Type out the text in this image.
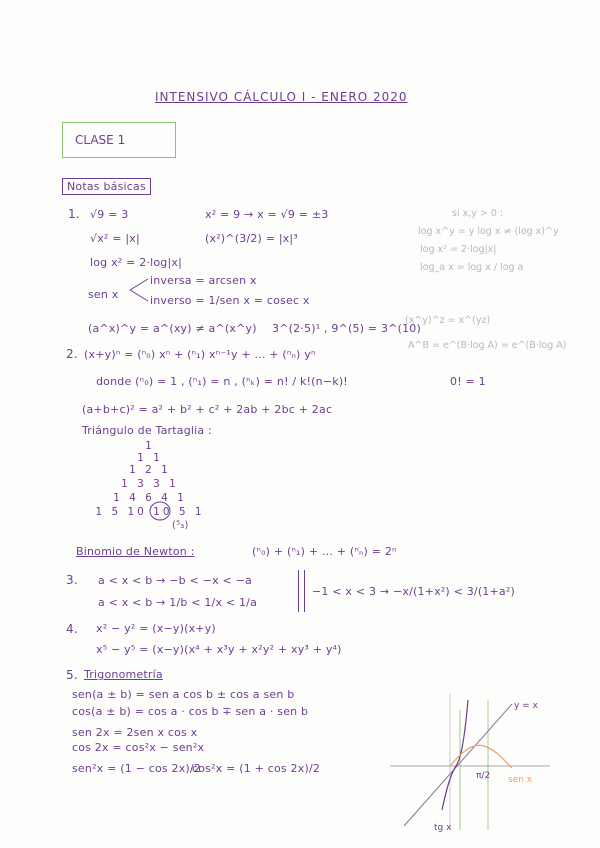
INTENSIVO CÁLCULO I - ENERO 2020
CLASE 1
Notas básicas
1. √9 = 3	x² = 9 → x = √9 = ±3
√x² = |x|	(x²)^(3/2) = |x|³
log x² = 2·log|x|
sen x
inversa = arcsen x
inverso = 1/sen x = cosec x
(a^x)^y = a^(xy) ≠ a^(x^y) 3^(2·5)¹ , 9^(5) = 3^(10)
si x,y > 0 :
log x^y = y log x ≠ (log x)^y
log x² = 2·log|x|
log_a x = log x / log a
(x^y)^z = x^(yz)
A^B = e^(B·log A) = e^(B·log A)
2. (x+y)ⁿ = (ⁿ₀) xⁿ + (ⁿ₁) xⁿ⁻¹y + ... + (ⁿₙ) yⁿ
donde (ⁿ₀) = 1 , (ⁿ₁) = n , (ⁿₖ) = n! / k!(n−k)!	0! = 1
(a+b+c)² = a² + b² + c² + 2ab + 2bc + 2ac
Triángulo de Tartaglia :
1
1 1
1 2 1
1 3 3 1
1 4 6 4 1
1 5 10 10 5 1
(⁵₃)
Binomio de Newton :	(ⁿ₀) + (ⁿ₁) + ... + (ⁿₙ) = 2ⁿ
3. a < x < b → −b < −x < −a
a < x < b → 1/b < 1/x < 1/a
−1 < x < 3 → −x/(1+x²) < 3/(1+a²)
4. x² − y² = (x−y)(x+y)
x⁵ − y⁵ = (x−y)(x⁴ + x³y + x²y² + xy³ + y⁴)
5. Trigonometría
sen(a ± b) = sen a cos b ± cos a sen b
cos(a ± b) = cos a · cos b ∓ sen a · sen b
sen 2x = 2sen x cos x
cos 2x = cos²x − sen²x
sen²x = (1 − cos 2x)/2
cos²x = (1 + cos 2x)/2
y = x
π/2 sen x
tg x
